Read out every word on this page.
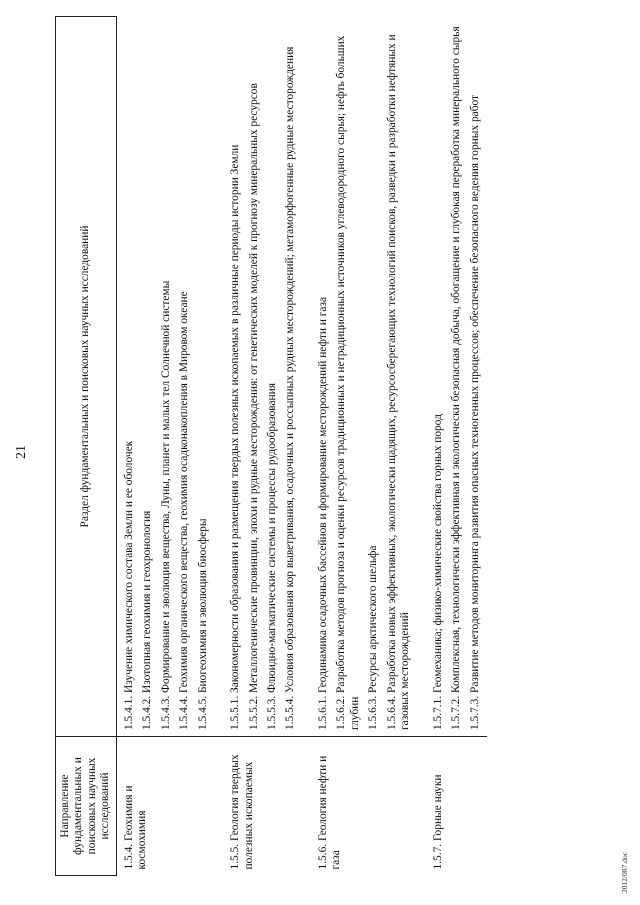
21
Направление фундаментальных и поисковых научных исследований	Раздел фундаментальных и поисковых научных исследований
1.5.4. Геохимия и космохимия	1.5.4.1. Изучение химического состава Земли и ее оболочек 1.5.4.2. Изотопная геохимия и геохронология 1.5.4.3. Формирование и эволюция вещества, Луны, планет и малых тел Солнечной системы 1.5.4.4. Геохимия органического вещества, геохимия осадконакопления в Мировом океане 1.5.4.5. Биогеохимия и эволюция биосферы

1.5.5. Геология твердых полезных ископаемых	1.5.5.1. Закономерности образования и размещения твердых полезных ископаемых в различные периоды истории Земли 1.5.5.2. Металлогенические провинции, эпохи и рудные месторождения: от генетических моделей к прогнозу минеральных ресурсов 1.5.5.3. Флюидно-магматические системы и процессы рудообразования 1.5.5.4. Условия образования кор выветривания, осадочных и россыпных рудных месторождений; метаморфогенные рудные месторождения

1.5.6. Геология нефти и газа	1.5.6.1. Геодинамика осадочных бассейнов и формирование месторождений нефти и газа 1.5.6.2. Разработка методов прогноза и оценки ресурсов традиционных и нетрадиционных источников углеводородного сырья; нефть больших глубин 1.5.6.3. Ресурсы арктического шельфа 1.5.6.4. Разработка новых эффективных, экологически щадящих, ресурсосберегающих технологий поисков, разведки и разработки нефтяных и газовых месторождений

1.5.7. Горные науки	1.5.7.1. Геомеханика; физико-химические свойства горных пород 1.5.7.2. Комплексная, технологически эффективная и экологически безопасная добыча, обогащение и глубокая переработка минерального сырья 1.5.7.3. Развитие методов мониторинга развития опасных техногенных процессов; обеспечение безопасного ведения горных работ
2012/087.doc
